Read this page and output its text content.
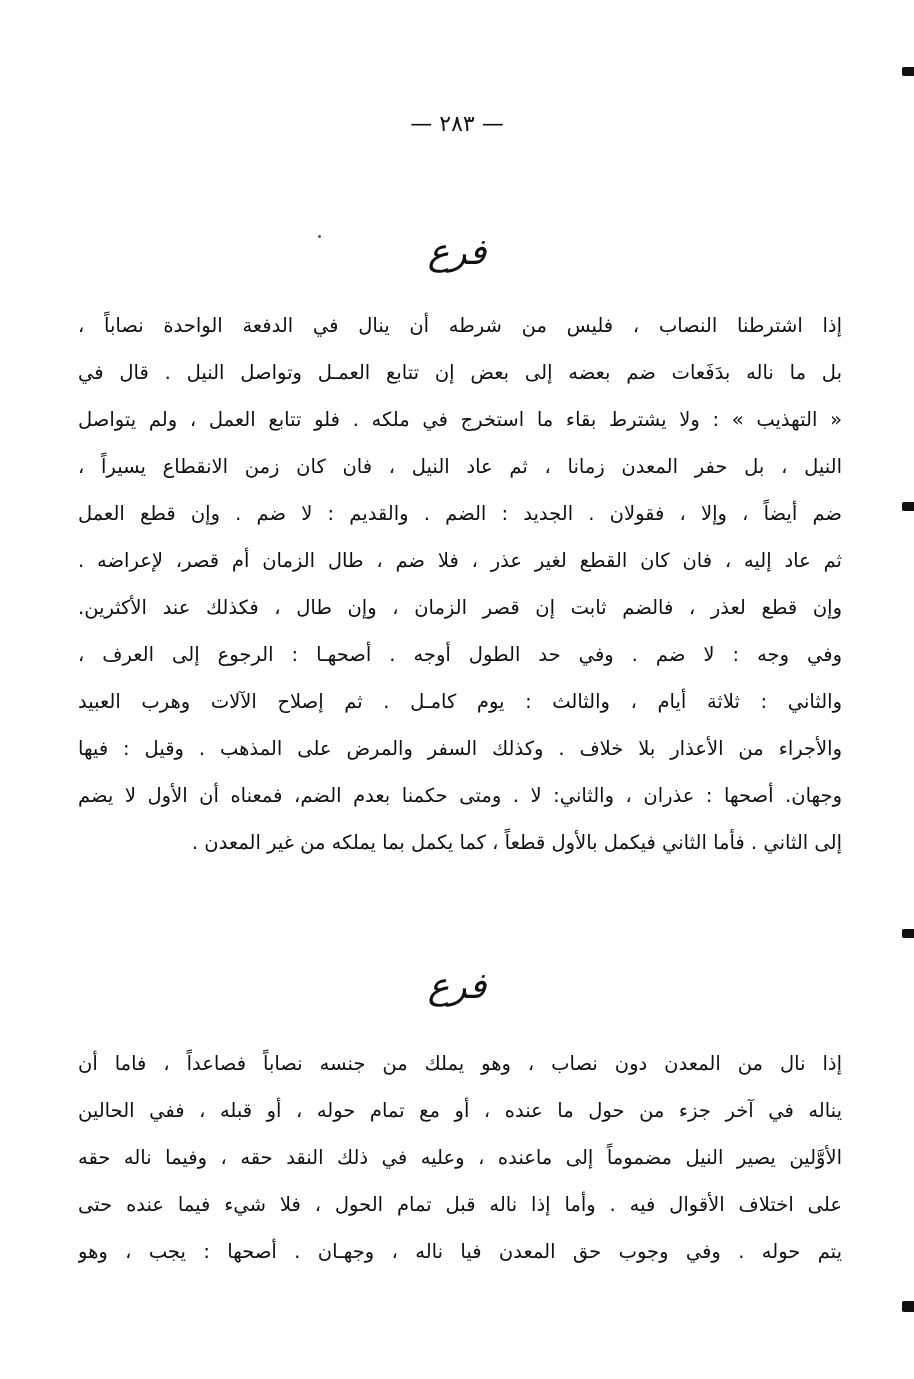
— ٢٨٣ —
فرع
إذا اشترطنا النصاب ، فليس من شرطه أن ينال في الدفعة الواحدة نصاباً ،
بل ما ناله بدَفَعات ضم بعضه إلى بعض إن تتابع العمـل وتواصل النيل . قال في
« التهذيب » : ولا يشترط بقاء ما استخرج في ملكه . فلو تتابع العمل ، ولم يتواصل
النيل ، بل حفر المعدن زمانا ، ثم عاد النيل ، فان كان زمن الانقطاع يسيراً ،
ضم أيضاً ، وإلا ، فقولان . الجديد : الضم . والقديم : لا ضم . وإن قطع العمل
ثم عاد إليه ، فان كان القطع لغير عذر ، فلا ضم ، طال الزمان أم قصر، لإعراضه .
وإن قطع لعذر ، فالضم ثابت إن قصر الزمان ، وإن طال ، فكذلك عند الأكثرين.
وفي وجه : لا ضم . وفي حد الطول أوجه . أصحهـا : الرجوع إلى العرف ،
والثاني : ثلاثة أيام ، والثالث : يوم كامـل . ثم إصلاح الآلات وهرب العبيد
والأجراء من الأعذار بلا خلاف . وكذلك السفر والمرض على المذهب . وقيل : فيها
وجهان. أصحها : عذران ، والثاني: لا . ومتى حكمنا بعدم الضم، فمعناه أن الأول لا يضم
إلى الثاني . فأما الثاني فيكمل بالأول قطعاً ، كما يكمل بما يملكه من غير المعدن .
فرع
إذا نال من المعدن دون نصاب ، وهو يملك من جنسه نصاباً فصاعداً ، فاما أن
يناله في آخر جزء من حول ما عنده ، أو مع تمام حوله ، أو قبله ، ففي الحالين
الأوَّلين يصير النيل مضموماً إلى ماعنده ، وعليه في ذلك النقد حقه ، وفيما ناله حقه
على اختلاف الأقوال فيه . وأما إذا ناله قبل تمام الحول ، فلا شيء فيما عنده حتى
يتم حوله . وفي وجوب حق المعدن فيا ناله ، وجهـان . أصحها : يجب ، وهو
